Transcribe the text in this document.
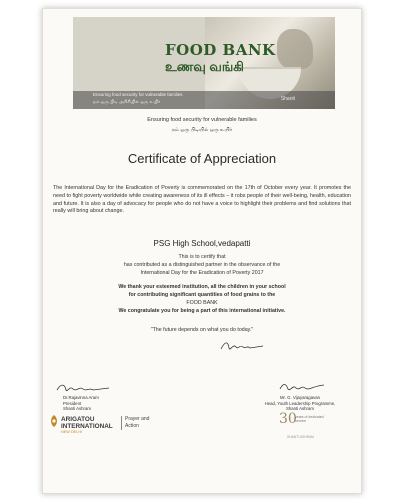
FOOD BANK
உணவு வங்கி
Ensuring food security for vulnerable families
நம் ஒரு பிடி அரிசியில் ஒரு உயிர்	Shanti
Ensuring food security for vulnerable families
நம் ஒரு பிடியில் ஒரு உயிர்
Certificate of Appreciation
The International Day for the Eradication of Poverty is commemorated on the 17th of October every year. It promotes the need to fight poverty worldwide while creating awareness of its ill effects – it robs people of their well-being, health, education and future. It is also a day of advocacy for people who do not have a voice to highlight their problems and find solutions that really will bring about change.
PSG High School,vedapatti
This is to certify that
has contributed as a distinguished partner in the observance of the
International Day for the Eradication of Poverty 2017
We thank your esteemed institution, all the children in your school
for contributing significant quantities of food grains to the
FOOD BANK
We congratulate you for being a part of this international initiative.
"The future depends on what you do today."
Dr.Rajavinna Aram
President
Shanti Ashram
Mr. G. Vijayaragavan
Head, Youth Leadership Programme,
Shanti Ashram
ARIGATOU
INTERNATIONAL
NEW DELHI
Prayer and
Action	30
years of dedicated service
SHANTI ASHRAM
